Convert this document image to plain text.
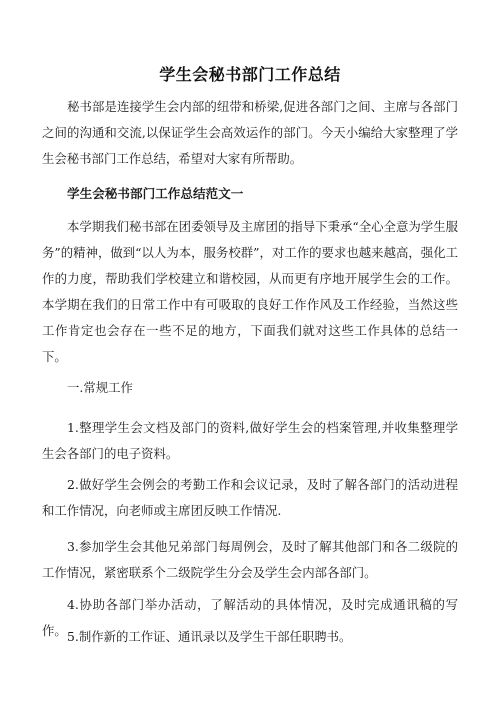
学生会秘书部门工作总结

秘书部是连接学生会内部的纽带和桥梁,促进各部门之间、主席与各部门之间的沟通和交流,以保证学生会高效运作的部门。今天小编给大家整理了学生会秘书部门工作总结，希望对大家有所帮助。

学生会秘书部门工作总结范文一

本学期我们秘书部在团委领导及主席团的指导下秉承“全心全意为学生服务”的精神，做到“以人为本，服务校群”，对工作的要求也越来越高，强化工作的力度，帮助我们学校建立和谐校园，从而更有序地开展学生会的工作。本学期在我们的日常工作中有可吸取的良好工作作风及工作经验，当然这些工作肯定也会存在一些不足的地方，下面我们就对这些工作具体的总结一下。

一.常规工作

1.整理学生会文档及部门的资料,做好学生会的档案管理,并收集整理学生会各部门的电子资料。

2.做好学生会例会的考勤工作和会议记录，及时了解各部门的活动进程和工作情况，向老师或主席团反映工作情况.

3.参加学生会其他兄弟部门每周例会，及时了解其他部门和各二级院的工作情况，紧密联系个二级院学生分会及学生会内部各部门。

4.协助各部门举办活动，了解活动的具体情况，及时完成通讯稿的写作。 5.制作新的工作证、通讯录以及学生干部任职聘书。
